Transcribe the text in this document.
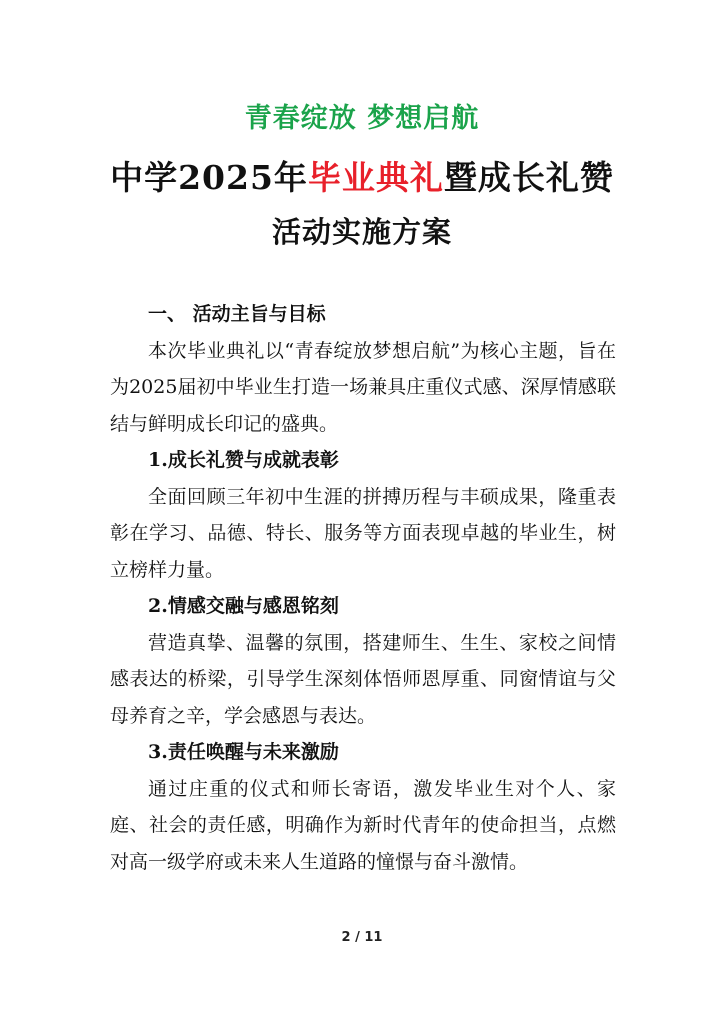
青春绽放 梦想启航
中学2025年毕业典礼暨成长礼赞
活动实施方案

一、 活动主旨与目标

本次毕业典礼以“青春绽放梦想启航”为核心主题，旨在为2025届初中毕业生打造一场兼具庄重仪式感、深厚情感联结与鲜明成长印记的盛典。

1.成长礼赞与成就表彰

全面回顾三年初中生涯的拼搏历程与丰硕成果，隆重表彰在学习、品德、特长、服务等方面表现卓越的毕业生，树立榜样力量。

2.情感交融与感恩铭刻

营造真挚、温馨的氛围，搭建师生、生生、家校之间情感表达的桥梁，引导学生深刻体悟师恩厚重、同窗情谊与父母养育之辛，学会感恩与表达。

3.责任唤醒与未来激励

通过庄重的仪式和师长寄语，激发毕业生对个人、家庭、社会的责任感，明确作为新时代青年的使命担当，点燃对高一级学府或未来人生道路的憧憬与奋斗激情。

2 / 11
